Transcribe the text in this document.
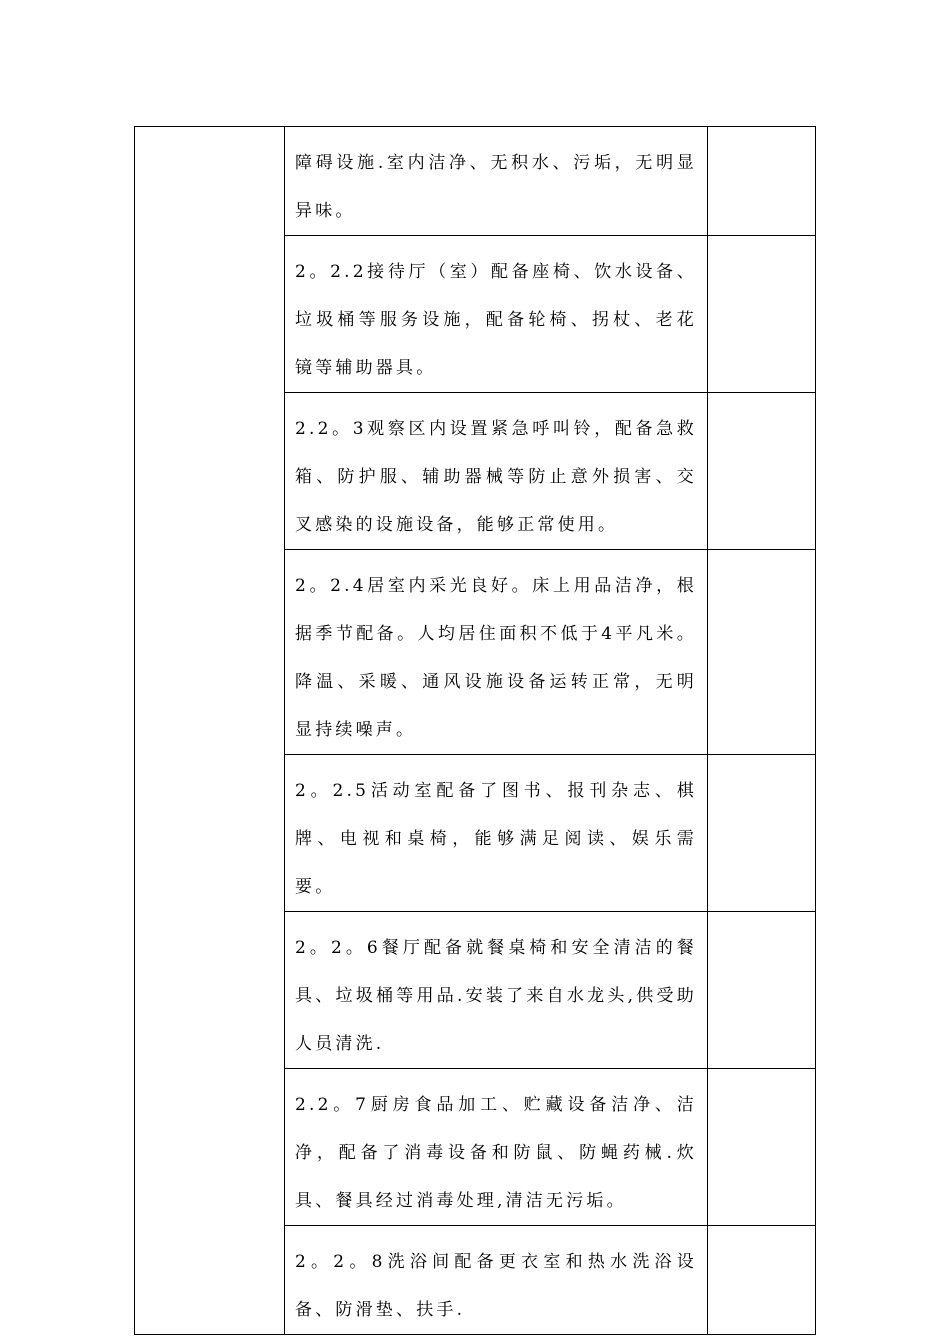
	障碍设施.室内洁净、无积水、污垢，无明显异味。	

	2。2.2接待厅（室）配备座椅、饮水设备、垃圾桶等服务设施，配备轮椅、拐杖、老花镜等辅助器具。	

	2.2。3观察区内设置紧急呼叫铃，配备急救箱、防护服、辅助器械等防止意外损害、交叉感染的设施设备，能够正常使用。	

	2。2.4居室内采光良好。床上用品洁净，根据季节配备。人均居住面积不低于4平凡米。降温、采暖、通风设施设备运转正常，无明显持续噪声。	

	2。2.5活动室配备了图书、报刊杂志、棋牌、电视和桌椅，能够满足阅读、娱乐需要。	

	2。2。6餐厅配备就餐桌椅和安全清洁的餐具、垃圾桶等用品.安装了来自水龙头,供受助人员清洗.	

	2.2。7厨房食品加工、贮藏设备洁净、洁净，配备了消毒设备和防鼠、防蝇药械.炊具、餐具经过消毒处理,清洁无污垢。	

	2。2。8洗浴间配备更衣室和热水洗浴设备、防滑垫、扶手.	
